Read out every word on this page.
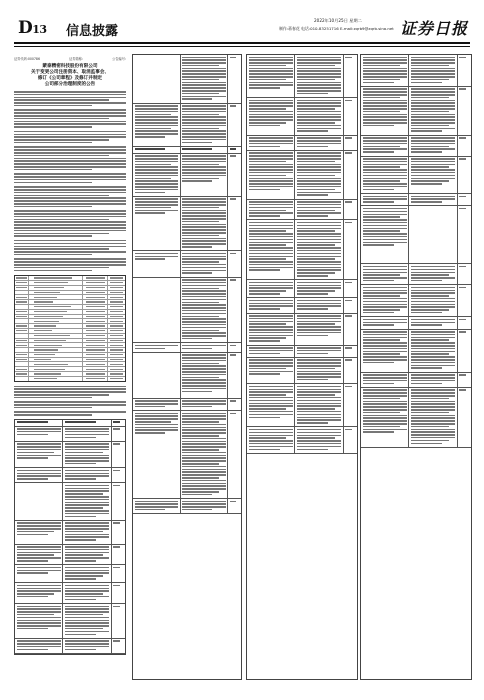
D13 信息披露
2022年10月25日 星期二
制作:蒋春花 电话:010-83251716 E-mail:zqrb9@zqrb.sina.net 证券日报
证券代码:000786	证券简称:	公告编号:
蒙泰精密科技股份有限公司
关于变更公司注册资本、取消监事会、
修订《公司章程》及修订并制定
公司部分治理制度的公告
